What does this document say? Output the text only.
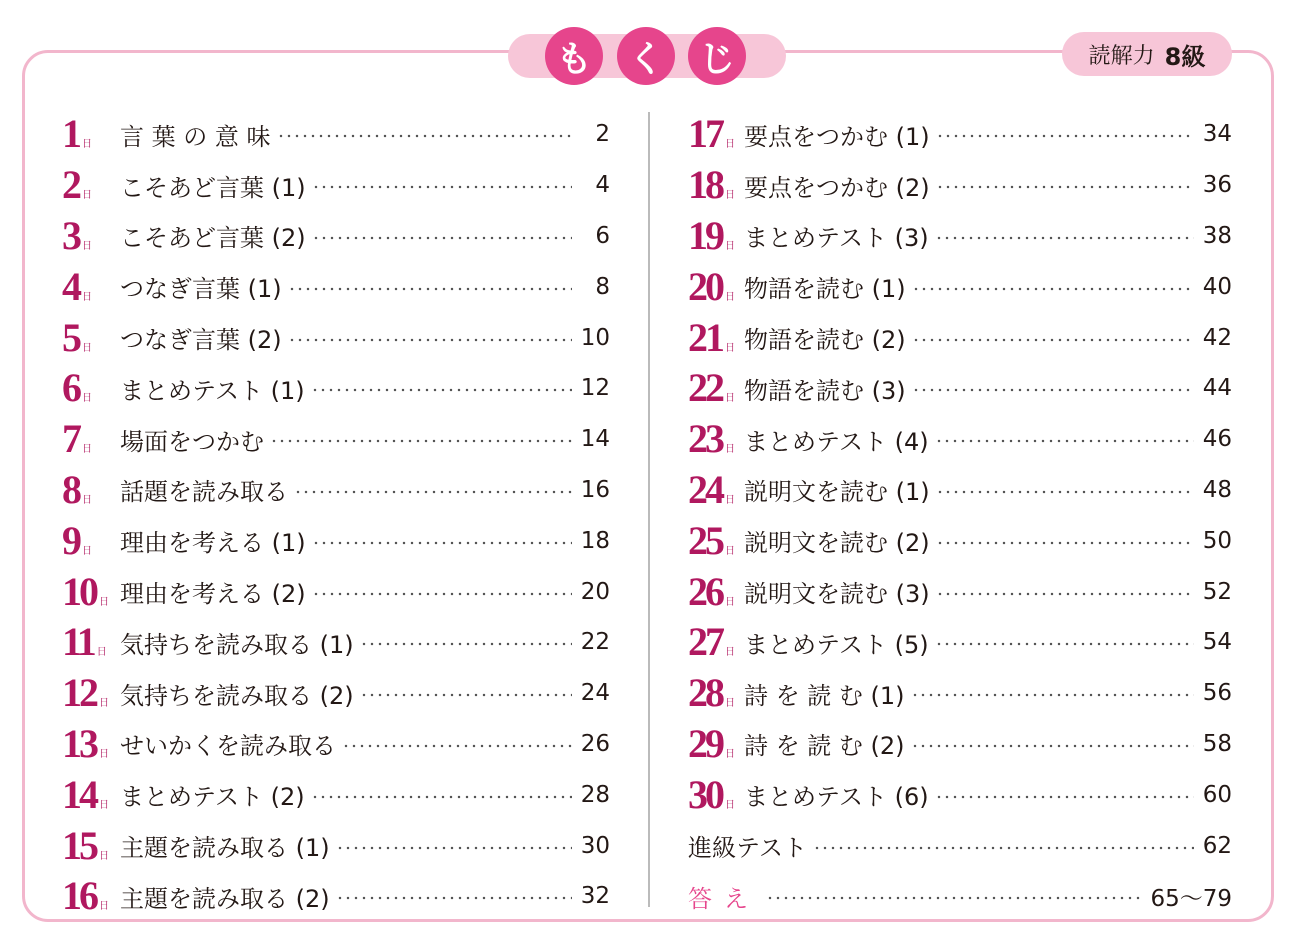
も く じ	読解力 8級
1 日 言 葉 の 意 味	2
2 日 こそあど言葉 (1)	4
3 日 こそあど言葉 (2)	6
4 日 つなぎ言葉 (1)	8
5 日 つなぎ言葉 (2)	10
6 日 まとめテスト (1)	12
7 日 場面をつかむ	14
8 日 話題を読み取る	16
9 日 理由を考える (1)	18
10 日 理由を考える (2)	20
11 日 気持ちを読み取る (1)	22
12 日 気持ちを読み取る (2)	24
13 日 せいかくを読み取る	26
14 日 まとめテスト (2)	28
15 日 主題を読み取る (1)	30
16 日 主題を読み取る (2)	32
17 日 要点をつかむ (1)	34
18 日 要点をつかむ (2)	36
19 日 まとめテスト (3)	38
20 日 物語を読む (1)	40
21 日 物語を読む (2)	42
22 日 物語を読む (3)	44
23 日 まとめテスト (4)	46
24 日 説明文を読む (1)	48
25 日 説明文を読む (2)	50
26 日 説明文を読む (3)	52
27 日 まとめテスト (5)	54
28 日 詩 を 読 む (1)	56
29 日 詩 を 読 む (2)	58
30 日 まとめテスト (6)	60
進級テスト	62
答え	65〜79
